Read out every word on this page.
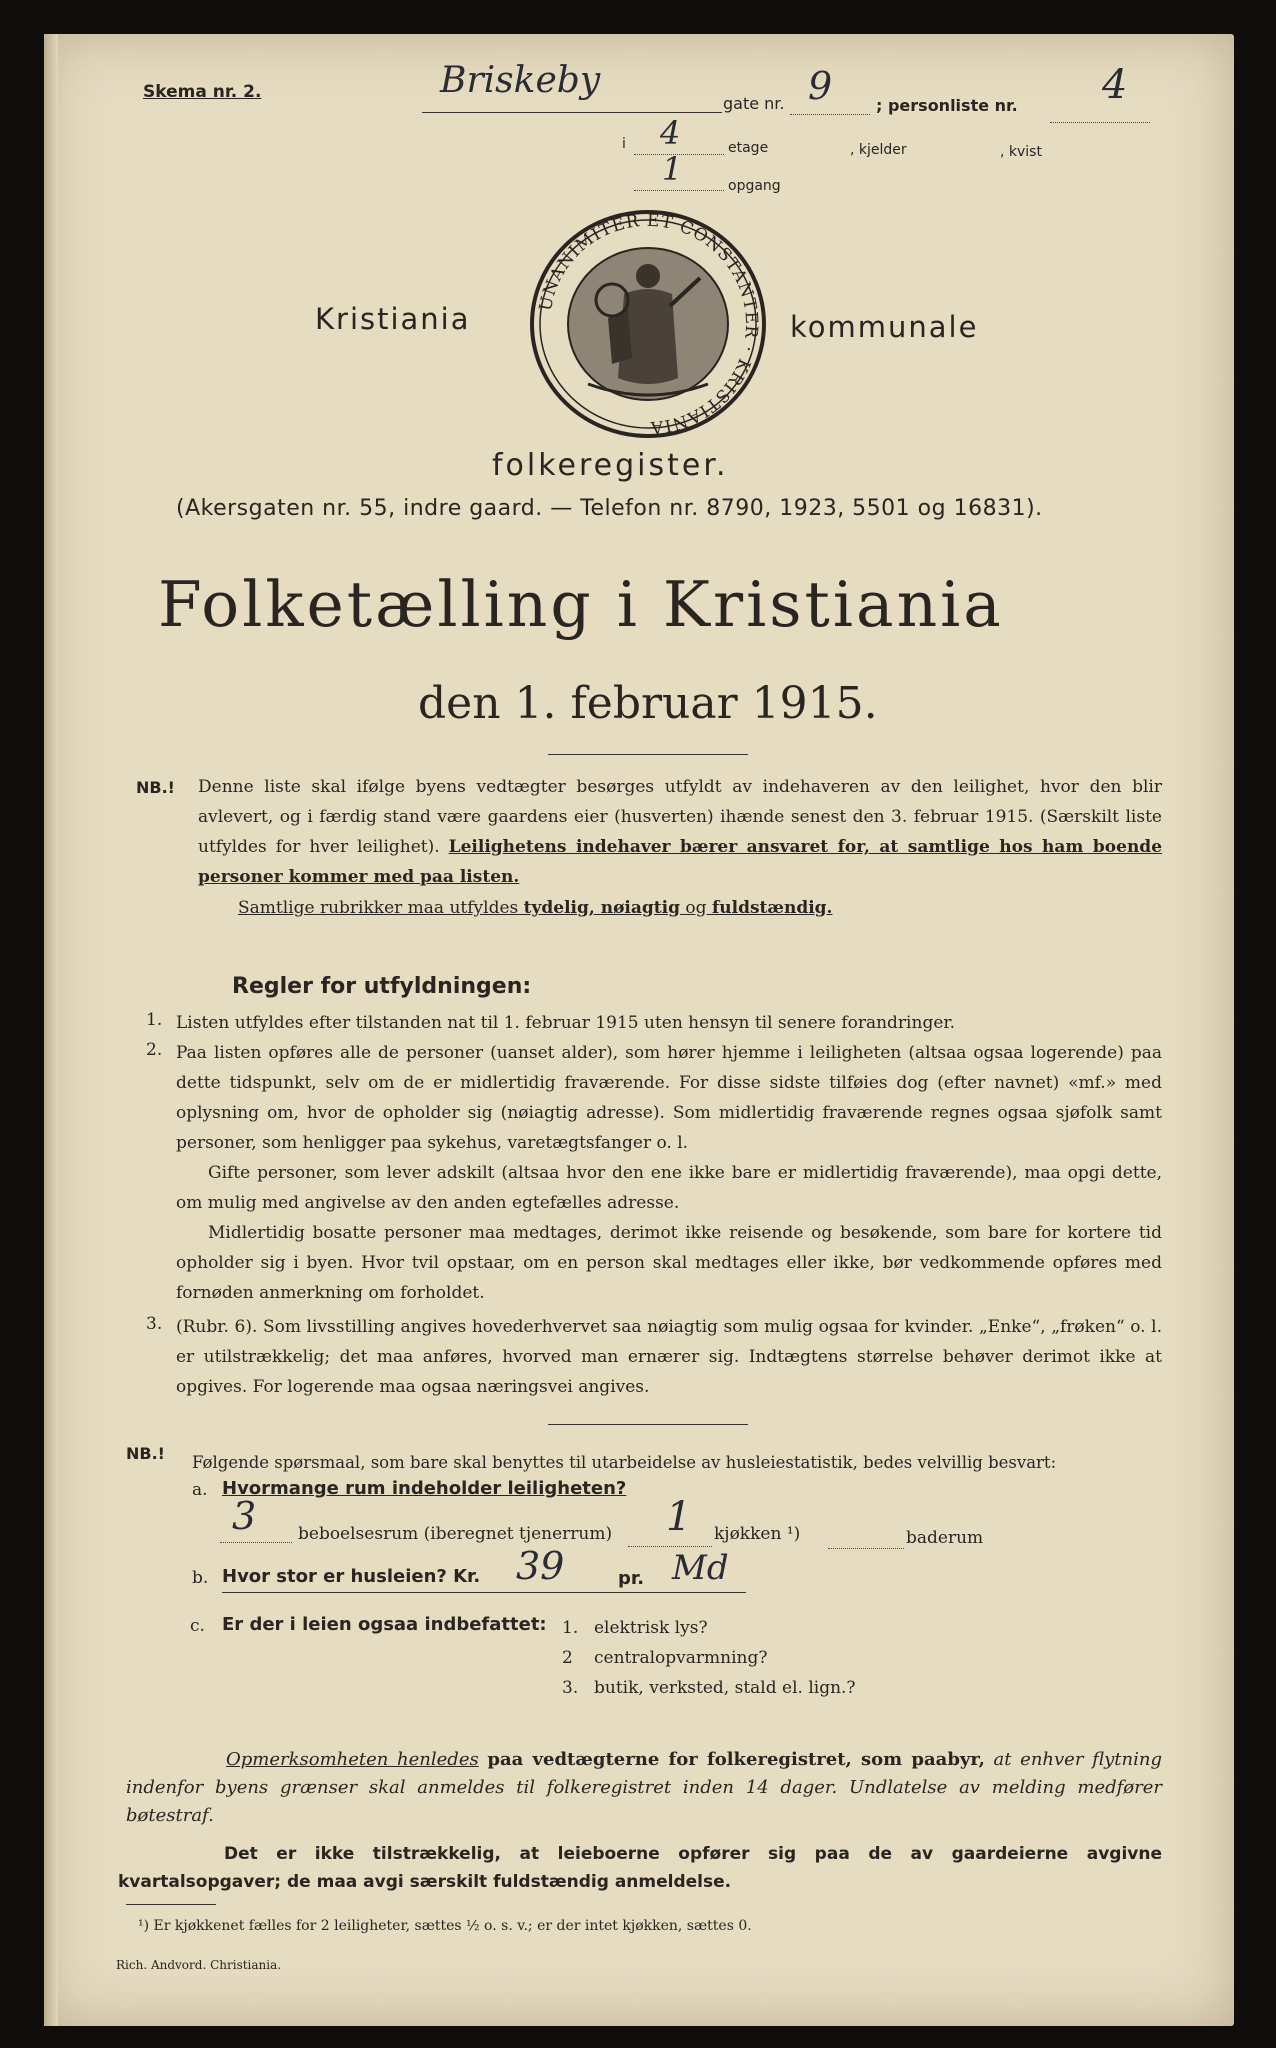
Skema nr. 2.	Briskeby
gate nr. 9	; personliste nr. 4
i 4	etage	, kjelder	, kvist
1	opgang
UNANIMITER ET CONSTANTER · KRISTIANIA
Kristiania	kommunale
folkeregister.
(Akersgaten nr. 55, indre gaard. — Telefon nr. 8790, 1923, 5501 og 16831).
Folketælling i Kristiania
den 1. februar 1915.
NB.! Denne liste skal ifølge byens vedtægter besørges utfyldt av indehaveren av den leilighet, hvor den blir avlevert, og i færdig stand være gaardens eier (husverten) ihænde senest den 3. februar 1915. (Særskilt liste utfyldes for hver leilighet). Leilighetens indehaver bærer ansvaret for, at samtlige hos ham boende personer kommer med paa listen.
Samtlige rubrikker maa utfyldes tydelig, nøiagtig og fuldstændig.
Regler for utfyldningen:
1. Listen utfyldes efter tilstanden nat til 1. februar 1915 uten hensyn til senere forandringer.
2. Paa listen opføres alle de personer (uanset alder), som hører hjemme i leiligheten (altsaa ogsaa logerende) paa dette tidspunkt, selv om de er midlertidig fraværende. For disse sidste tilføies dog (efter navnet) «mf.» med oplysning om, hvor de opholder sig (nøiagtig adresse). Som midlertidig fraværende regnes ogsaa sjøfolk samt personer, som henligger paa sykehus, varetægtsfanger o. l.
Gifte personer, som lever adskilt (altsaa hvor den ene ikke bare er midlertidig fraværende), maa opgi dette, om mulig med angivelse av den anden egtefælles adresse.
Midlertidig bosatte personer maa medtages, derimot ikke reisende og besøkende, som bare for kortere tid opholder sig i byen. Hvor tvil opstaar, om en person skal medtages eller ikke, bør vedkommende opføres med fornøden anmerkning om forholdet.
3. (Rubr. 6). Som livsstilling angives hovederhvervet saa nøiagtig som mulig ogsaa for kvinder. „Enke“, „frøken“ o. l. er utilstrækkelig; det maa anføres, hvorved man ernærer sig. Indtægtens størrelse behøver derimot ikke at opgives. For logerende maa ogsaa næringsvei angives.
NB.! Følgende spørsmaal, som bare skal benyttes til utarbeidelse av husleiestatistik, bedes velvillig besvart:
a. Hvormange rum indeholder leiligheten?
3 beboelsesrum (iberegnet tjenerrum) 1 kjøkken ¹)	baderum
b. Hvor stor er husleien? Kr. 39	pr. Md
c. Er der i leien ogsaa indbefattet: 1. elektrisk lys?
2 centralopvarmning?
3. butik, verksted, stald el. lign.?
Opmerksomheten henledes paa vedtægterne for folkeregistret, som paabyr, at enhver flytning indenfor byens grænser skal anmeldes til folkeregistret inden 14 dager. Undlatelse av melding medfører bøtestraf.
Det er ikke tilstrækkelig, at leieboerne opfører sig paa de av gaardeierne avgivne kvartalsopgaver; de maa avgi særskilt fuldstændig anmeldelse.
¹) Er kjøkkenet fælles for 2 leiligheter, sættes ½ o. s. v.; er der intet kjøkken, sættes 0.
Rich. Andvord. Christiania.
